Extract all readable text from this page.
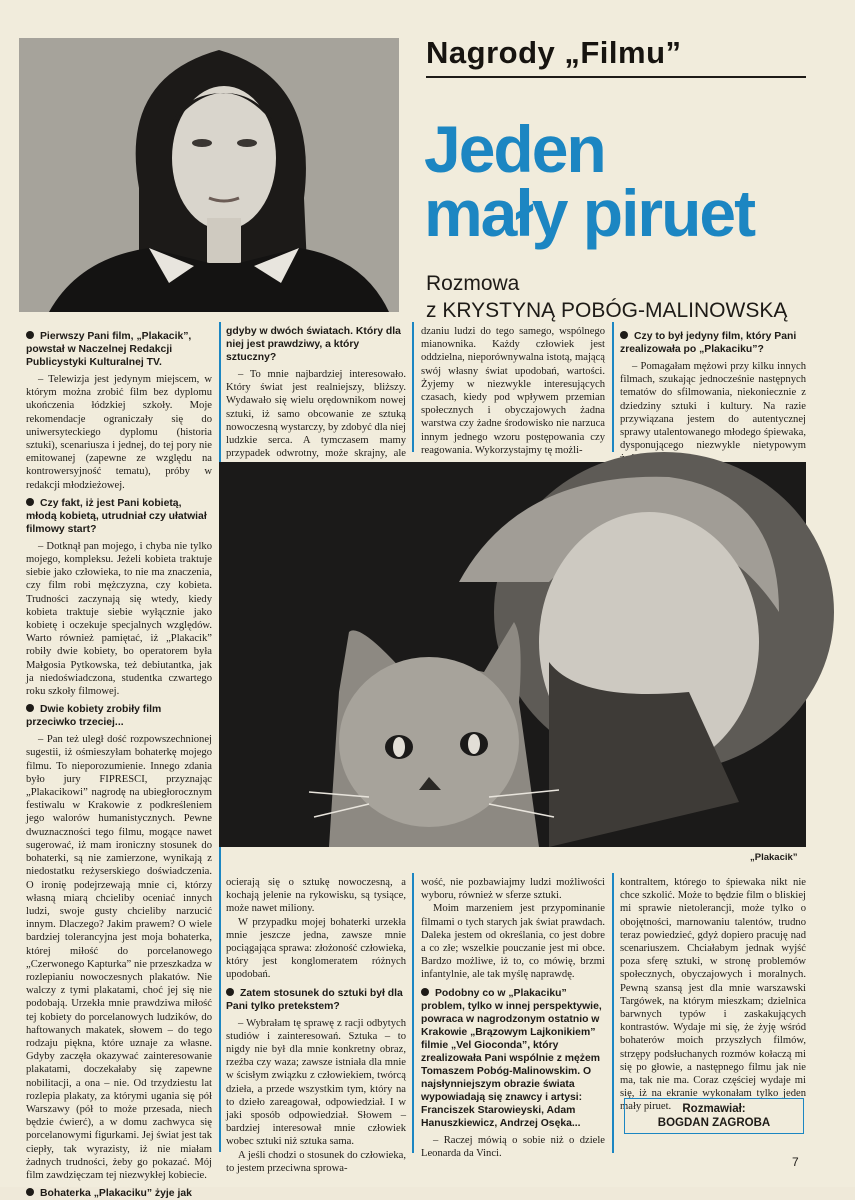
Nagrody „Filmu”
Jeden
mały piruet
Rozmowa
z KRYSTYNĄ POBÓG-MALINOWSKĄ
Pierwszy Pani film, „Plakacik”, powstał w Naczelnej Redakcji Publicystyki Kulturalnej TV.

– Telewizja jest jedynym miejscem, w którym można zrobić film bez dyplomu ukończenia łódzkiej szkoły. Moje rekomendacje ograniczały się do uniwersyteckiego dyplomu (historia sztuki), scenariusza i jednej, do tej pory nie emitowanej (zapewne ze względu na kontrowersyjność tematu), próby w redakcji młodzieżowej.

Czy fakt, iż jest Pani kobietą, młodą kobietą, utrudniał czy ułatwiał filmowy start?

– Dotknął pan mojego, i chyba nie tylko mojego, kompleksu. Jeżeli kobieta traktuje siebie jako człowieka, to nie ma znaczenia, czy film robi mężczyzna, czy kobieta. Trudności zaczynają się wtedy, kiedy kobieta traktuje siebie wyłącznie jako kobietę i oczekuje specjalnych względów. Warto również pamiętać, iż „Plakacik” robiły dwie kobiety, bo operatorem była Małgosia Pytkowska, też debiutantka, jak ja niedoświadczona, studentka czwartego roku szkoły filmowej.

Dwie kobiety zrobiły film przeciwko trzeciej...

– Pan też uległ dość rozpowszechnionej sugestii, iż ośmieszyłam bohaterkę mojego filmu. To nieporozumienie. Innego zdania było jury FIPRESCI, przyznając „Plakacikowi” nagrodę na ubiegłorocznym festiwalu w Krakowie z podkreśleniem jego walorów humanistycznych. Pewne dwuznaczności tego filmu, mogące nawet sugerować, iż mam ironiczny stosunek do bohaterki, są nie zamierzone, wynikają z niedostatku reżyserskiego doświadczenia. O ironię podejrzewają mnie ci, którzy własną miarą chcieliby oceniać innych ludzi, swoje gusty chcieliby narzucić innym. Dlaczego? Jakim prawem? O wiele bardziej tolerancyjna jest moja bohaterka, której miłość do porcelanowego „Czerwonego Kapturka” nie przeszkadza w rozlepianiu nowoczesnych plakatów. Nie walczy z tymi plakatami, choć jej się nie podobają. Urzekła mnie prawdziwa miłość tej kobiety do porcelanowych ludzików, do haftowanych makatek, słowem – do tego rodzaju piękna, które uznaje za własne. Gdyby zaczęła okazywać zainteresowanie plakatami, doczekałaby się zapewne nobilitacji, a ona – nie. Od trzydziestu lat rozlepia plakaty, za którymi ugania się pół Warszawy (pół to może przesada, niech będzie ćwierć), a w domu zachwyca się porcelanowymi figurkami. Jej świat jest tak ciepły, tak wyrazisty, iż nie miałam żadnych trudności, żeby go pokazać. Mój film zawdzięczam tej niezwykłej kobiecie.

Bohaterka „Plakaciku” żyje jak
gdyby w dwóch światach. Który dla niej jest prawdziwy, a który sztuczny?

– To mnie najbardziej interesowało. Który świat jest realniejszy, bliższy. Wydawało się wielu orędownikom nowej sztuki, iż samo obcowanie ze sztuką nowoczesną wystarczy, by zdobyć dla niej ludzkie serca. A tymczasem mamy przypadek odwrotny, może skrajny, ale

dzaniu ludzi do tego samego, wspólnego mianownika. Każdy człowiek jest oddzielna, nieporównywalna istotą, mającą swój własny świat upodobań, wartości. Żyjemy w niezwykle interesujących czasach, kiedy pod wpływem przemian społecznych i obyczajowych żadna warstwa czy żadne środowisko nie narzuca innym jednego wzoru postępowania czy reagowania. Wykorzystajmy tę możli-

Czy to był jedyny film, który Pani zrealizowała po „Plakaciku”?

– Pomagałam mężowi przy kilku innych filmach, szukając jednocześnie następnych tematów do sfilmowania, niekoniecznie z dziedziny sztuki i kultury. Na razie przywiązana jestem do autentycznej sprawy utalentowanego młodego śpiewaka, dysponującego niezwykle nietypowym

„Plakacik”

ocierają się o sztukę nowoczesną, a kochają jelenie na rykowisku, są tysiące, może nawet miliony.

W przypadku mojej bohaterki urzekła mnie jeszcze jedna, zawsze mnie pociągająca sprawa: złożoność człowieka, który jest konglomeratem różnych upodobań.

Zatem stosunek do sztuki był dla Pani tylko pretekstem?

– Wybrałam tę sprawę z racji odbytych studiów i zainteresowań. Sztuka – to nigdy nie był dla mnie konkretny obraz, rzeźba czy waza; zawsze istniała dla mnie w ścisłym związku z człowiekiem, twórcą dzieła, a przede wszystkim tym, który na to dzieło zareagował, odpowiedział. I w jaki sposób odpowiedział. Słowem – bardziej interesował mnie człowiek wobec sztuki niż sztuka sama.

A jeśli chodzi o stosunek do człowieka, to jestem przeciwna sprowa-

wość, nie pozbawiajmy ludzi możliwości wyboru, również w sferze sztuki.

Moim marzeniem jest przypominanie filmami o tych starych jak świat prawdach. Daleka jestem od określania, co jest dobre a co złe; wszelkie pouczanie jest mi obce. Bardzo możliwe, iż to, co mówię, brzmi infantylnie, ale tak myślę naprawdę.

Podobny co w „Plakaciku” problem, tylko w innej perspektywie, powraca w nagrodzonym ostatnio w Krakowie „Brązowym Lajkonikiem” filmie „Vel Gioconda”, który zrealizowała Pani wspólnie z mężem Tomaszem Pobóg-Malinowskim. O najsłynniejszym obrazie świata wypowiadają się znawcy i artysi: Franciszek Starowieyski, Adam Hanuszkiewicz, Andrzej Osęka...

– Raczej mówią o sobie niż o dziele Leonarda da Vinci.

kontraltem, którego to śpiewaka nikt nie chce szkolić. Może to będzie film o bliskiej mi sprawie nietolerancji, może tylko o obojętności, marnowaniu talentów, trudno teraz powiedzieć, gdyż dopiero pracuję nad scenariuszem. Chciałabym jednak wyjść poza sferę sztuki, w stronę problemów społecznych, obyczajowych i moralnych. Pewną szansą jest dla mnie warszawski Targówek, na którym mieszkam; dzielnica barwnych typów i zaskakujących kontrastów. Wydaje mi się, że żyję wśród bohaterów moich przyszłych filmów, strzępy podsłuchanych rozmów kołaczą mi się po głowie, a następnego filmu jak nie ma, tak nie ma. Coraz częściej wydaje mi się, iż na ekranie wykonałam tylko jeden mały piruet. Rozmawiał:
BOGDAN ZAGROBA
7
